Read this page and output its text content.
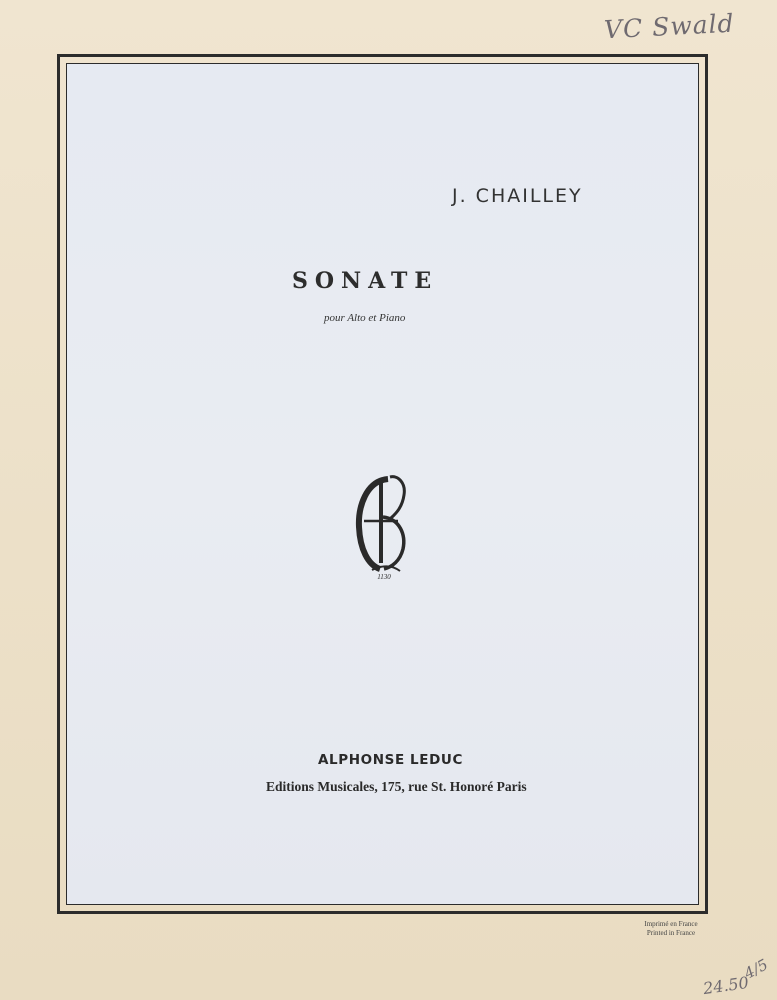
VC Swald
J. CHAILLEY
SONATE
pour Alto et Piano
1130
ALPHONSE LEDUC
Editions Musicales, 175, rue St. Honoré Paris
Imprimé en France
Printed in France
4/5
24.50
